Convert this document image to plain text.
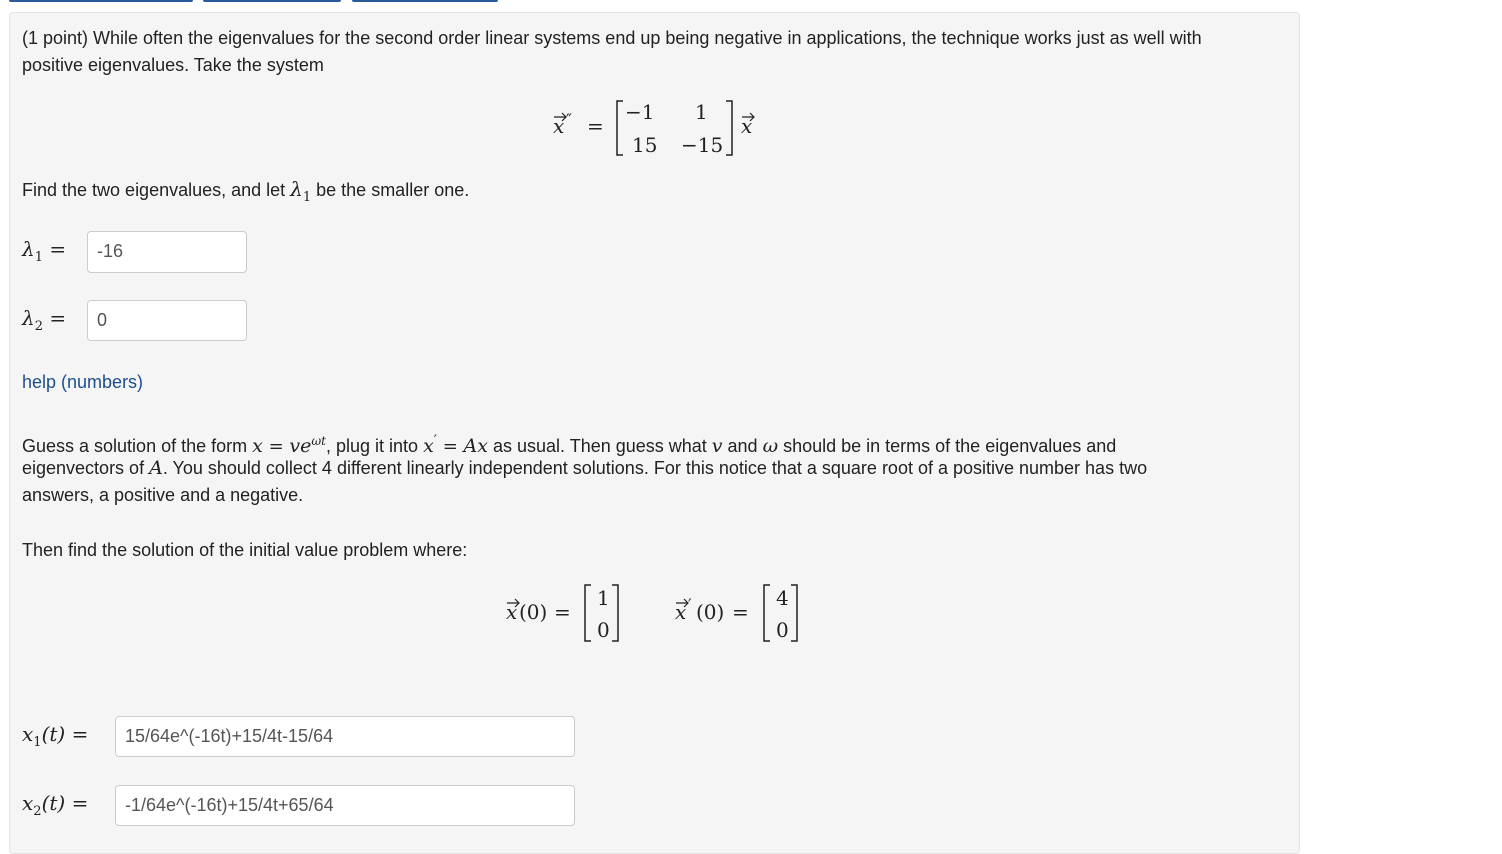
(1 point) While often the eigenvalues for the second order linear systems end up being negative in applications, the technique works just as well with
positive eigenvalues. Take the system
x ″ =
−1 1
15 −15
x
Find the two eigenvalues, and let $\lambda_1$ be the smaller one.
$\lambda_1$ =	-16
$\lambda_2$ =	0
help (numbers)
Guess a solution of the form $x = ve^{\omega t}$, plug it into x′ = Ax as usual. Then guess what v and ω should be in terms of the eigenvalues and
eigenvectors of A. You should collect 4 different linearly independent solutions. For this notice that a square root of a positive number has two
answers, a positive and a negative.
Then find the solution of the initial value problem where:
x (0) =
1
0
x ′ (0) =
4
0
$x_1(t)$ =	15/64e^(-16t)+15/4t-15/64
$x_2(t)$ =	-1/64e^(-16t)+15/4t+65/64
